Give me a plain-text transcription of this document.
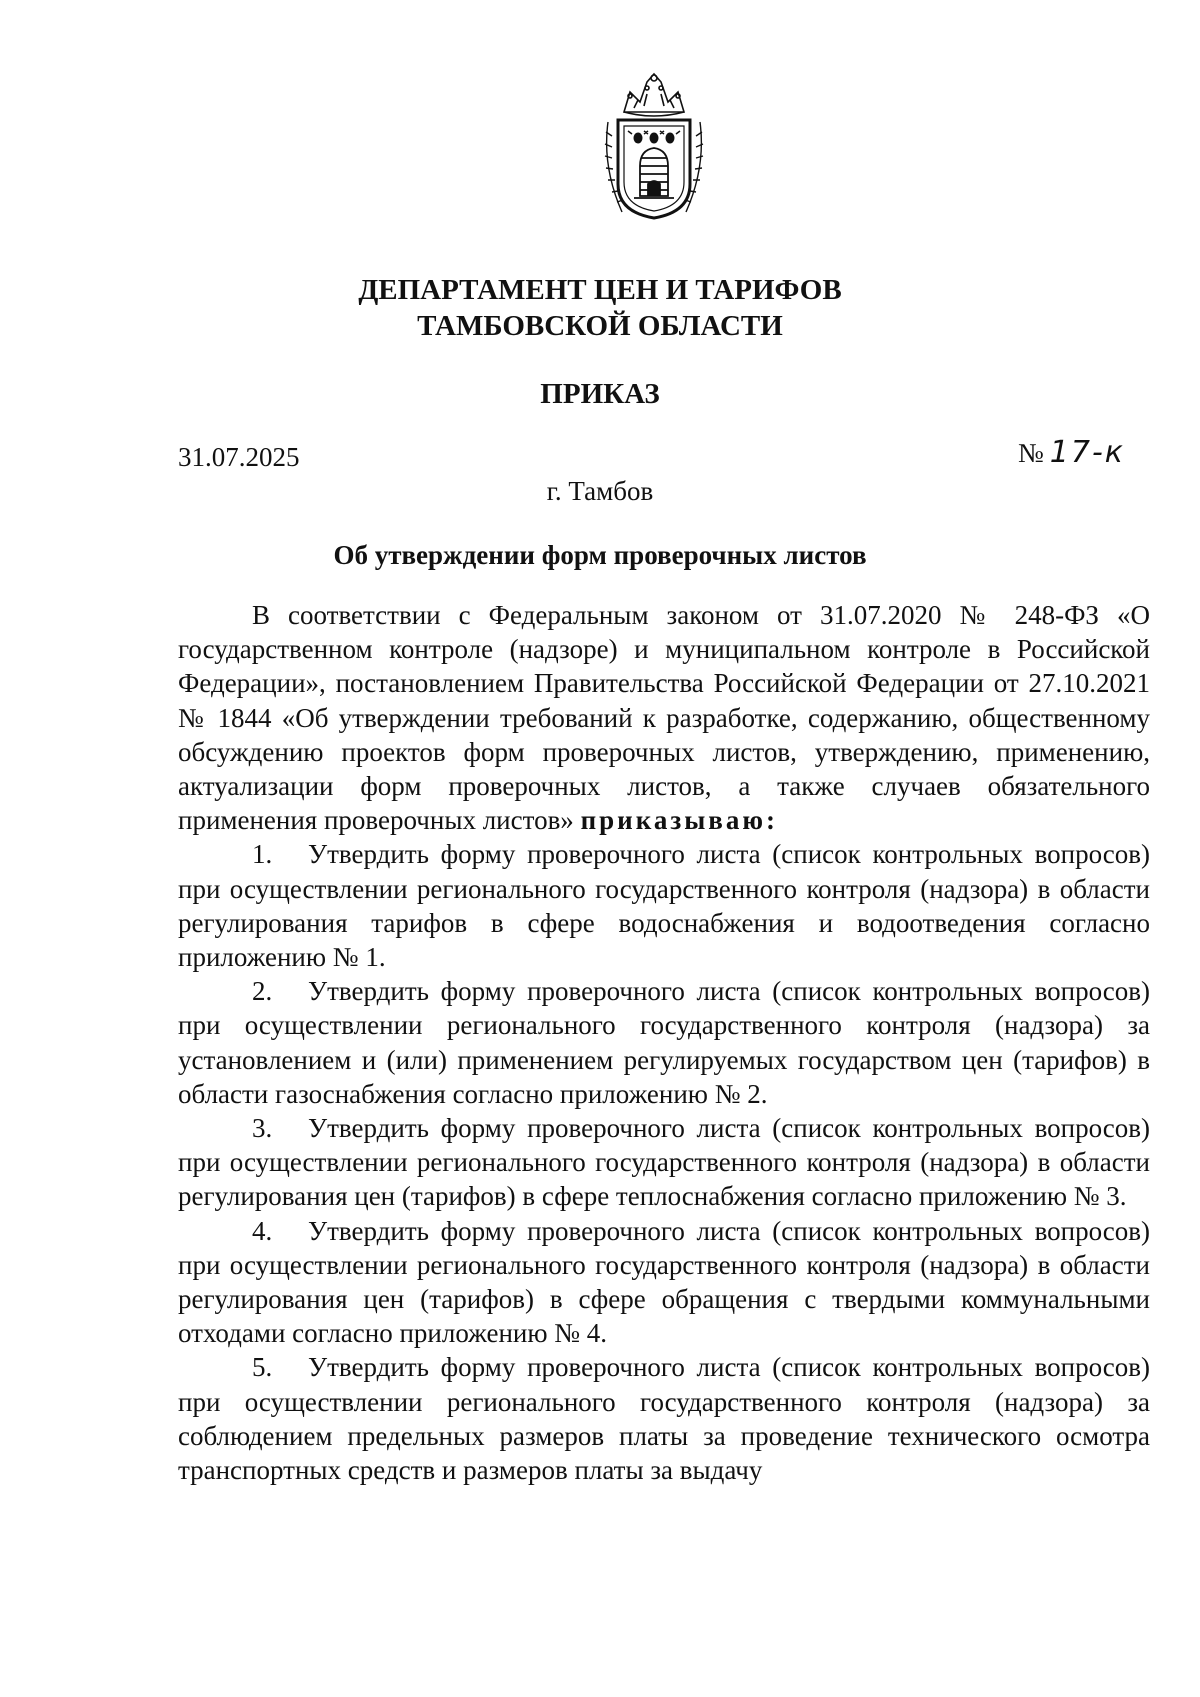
ДЕПАРТАМЕНТ ЦЕН И ТАРИФОВ
ТАМБОВСКОЙ ОБЛАСТИ
ПРИКАЗ
31.07.2025	№ 17-к
г. Тамбов
Об утверждении форм проверочных листов

В соответствии с Федеральным законом от 31.07.2020 № 248-ФЗ «О государственном контроле (надзоре) и муниципальном контроле в Российской Федерации», постановлением Правительства Российской Федерации от 27.10.2021 № 1844 «Об утверждении требований к разработке, содержанию, общественному обсуждению проектов форм проверочных листов, утверждению, применению, актуализации форм проверочных листов, а также случаев обязательного применения проверочных листов» приказываю:

1. Утвердить форму проверочного листа (список контрольных вопросов) при осуществлении регионального государственного контроля (надзора) в области регулирования тарифов в сфере водоснабжения и водоотведения согласно приложению № 1.

2. Утвердить форму проверочного листа (список контрольных вопросов) при осуществлении регионального государственного контроля (надзора) за установлением и (или) применением регулируемых государством цен (тарифов) в области газоснабжения согласно приложению № 2.

3. Утвердить форму проверочного листа (список контрольных вопросов) при осуществлении регионального государственного контроля (надзора) в области регулирования цен (тарифов) в сфере теплоснабжения согласно приложению № 3.

4. Утвердить форму проверочного листа (список контрольных вопросов) при осуществлении регионального государственного контроля (надзора) в области регулирования цен (тарифов) в сфере обращения с твердыми коммунальными отходами согласно приложению № 4.

5. Утвердить форму проверочного листа (список контрольных вопросов) при осуществлении регионального государственного контроля (надзора) за соблюдением предельных размеров платы за проведение технического осмотра транспортных средств и размеров платы за выдачу
